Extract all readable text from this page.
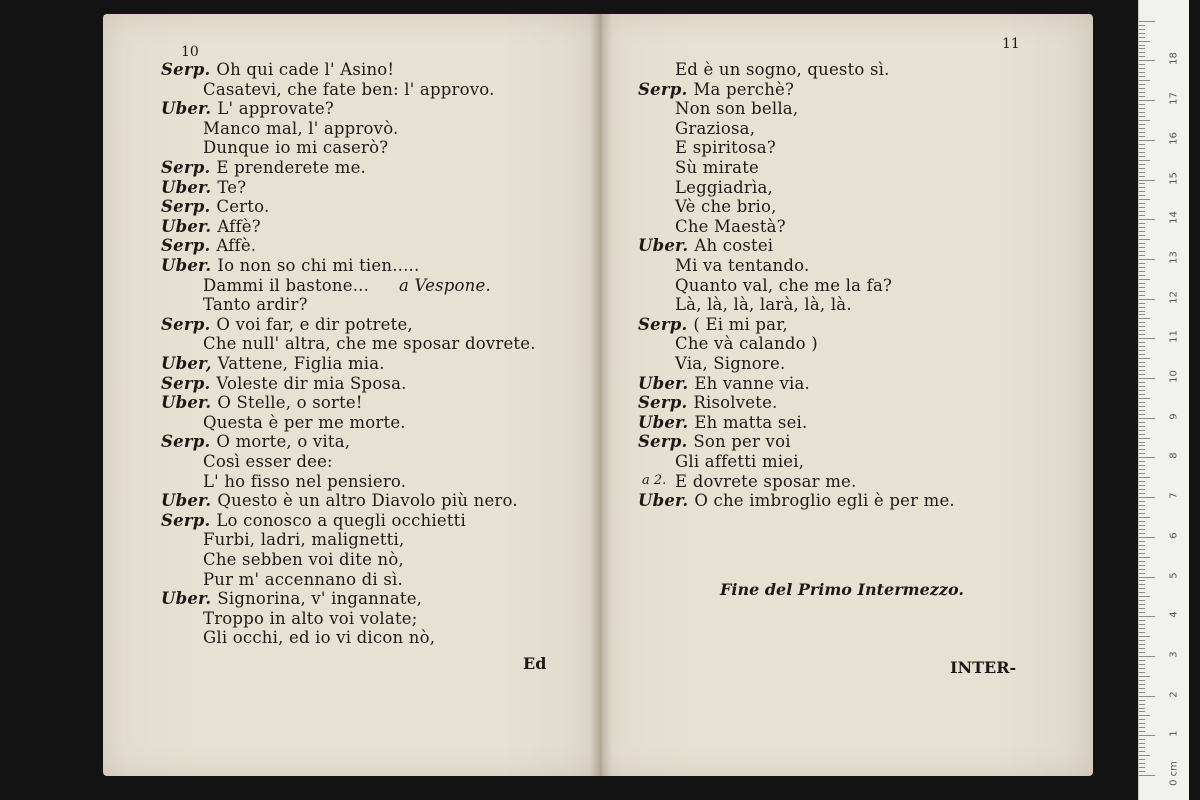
10
Serp. Oh qui cade l' Asino!
Casatevi, che fate ben: l' approvo.
Uber. L' approvate?
Manco mal, l' approvò.
Dunque io mi caserò?
Serp. E prenderete me.
Uber. Te?
Serp. Certo.
Uber. Affè?
Serp. Affè.
Uber. Io non so chi mi tien.....
Dammi il bastone... a Vespone.
Tanto ardir?
Serp. O voi far, e dir potrete,
Che null' altra, che me sposar dovrete.
Uber, Vattene, Figlia mia.
Serp. Voleste dir mia Sposa.
Uber. O Stelle, o sorte!
Questa è per me morte.
Serp. O morte, o vita,
Così esser dee:
L' ho fisso nel pensiero.
Uber. Questo è un altro Diavolo più nero.
Serp. Lo conosco a quegli occhietti
Furbi, ladri, malignetti,
Che sebben voi dite nò,
Pur m' accennano di sì.
Uber. Signorina, v' ingannate,
Troppo in alto voi volate;
Gli occhi, ed io vi dicon nò,
Ed
11
Ed è un sogno, questo sì.
Serp. Ma perchè?
Non son bella,
Graziosa,
E spiritosa?
Sù mirate
Leggiadrìa,
Vè che brio,
Che Maestà?
Uber. Ah costei
Mi va tentando.
Quanto val, che me la fa?
Là, là, là, larà, là, là.
Serp. ( Ei mi par,
Che và calando )
Via, Signore.
Uber. Eh vanne via.
Serp. Risolvete.
Uber. Eh matta sei.
Serp. Son per voi
Gli affetti miei,
E dovrete sposar me.
Uber. O che imbroglio egli è per me.
a 2.
Fine del Primo Intermezzo.
INTER-
0 cm
1
2
3
4
5
6
7
8
9
10
11
12
13
14
15
16
17
18
